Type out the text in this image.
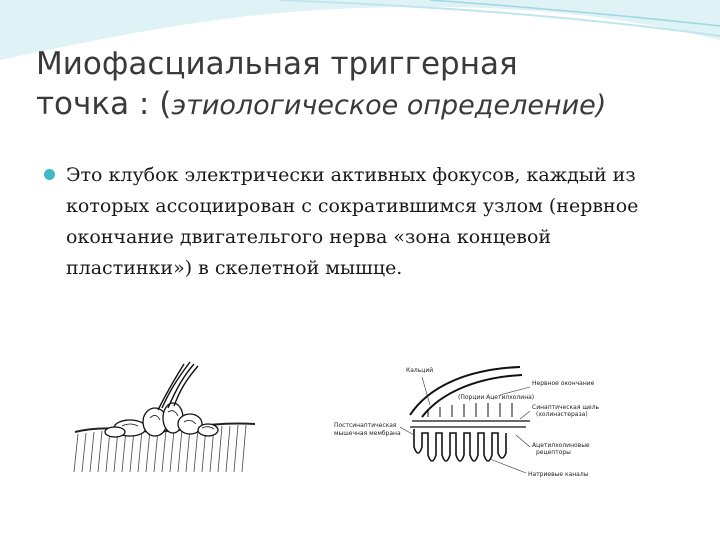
Миофасциальная триггерная
точка : (этиологическое определение)
Это клубок электрически активных фокусов, каждый из которых ассоциирован с сократившимся узлом (нервное окончание двигательгого нерва «зона концевой пластинки») в скелетной мышце.
Кальций
Нервное окончание
(Порции Ацетилхолина)
Синаптическая щель
(холинэстераза)
Постсинаптическая
мышечная мембрана
Ацетилхолиновые
рецепторы
Натриевые каналы
